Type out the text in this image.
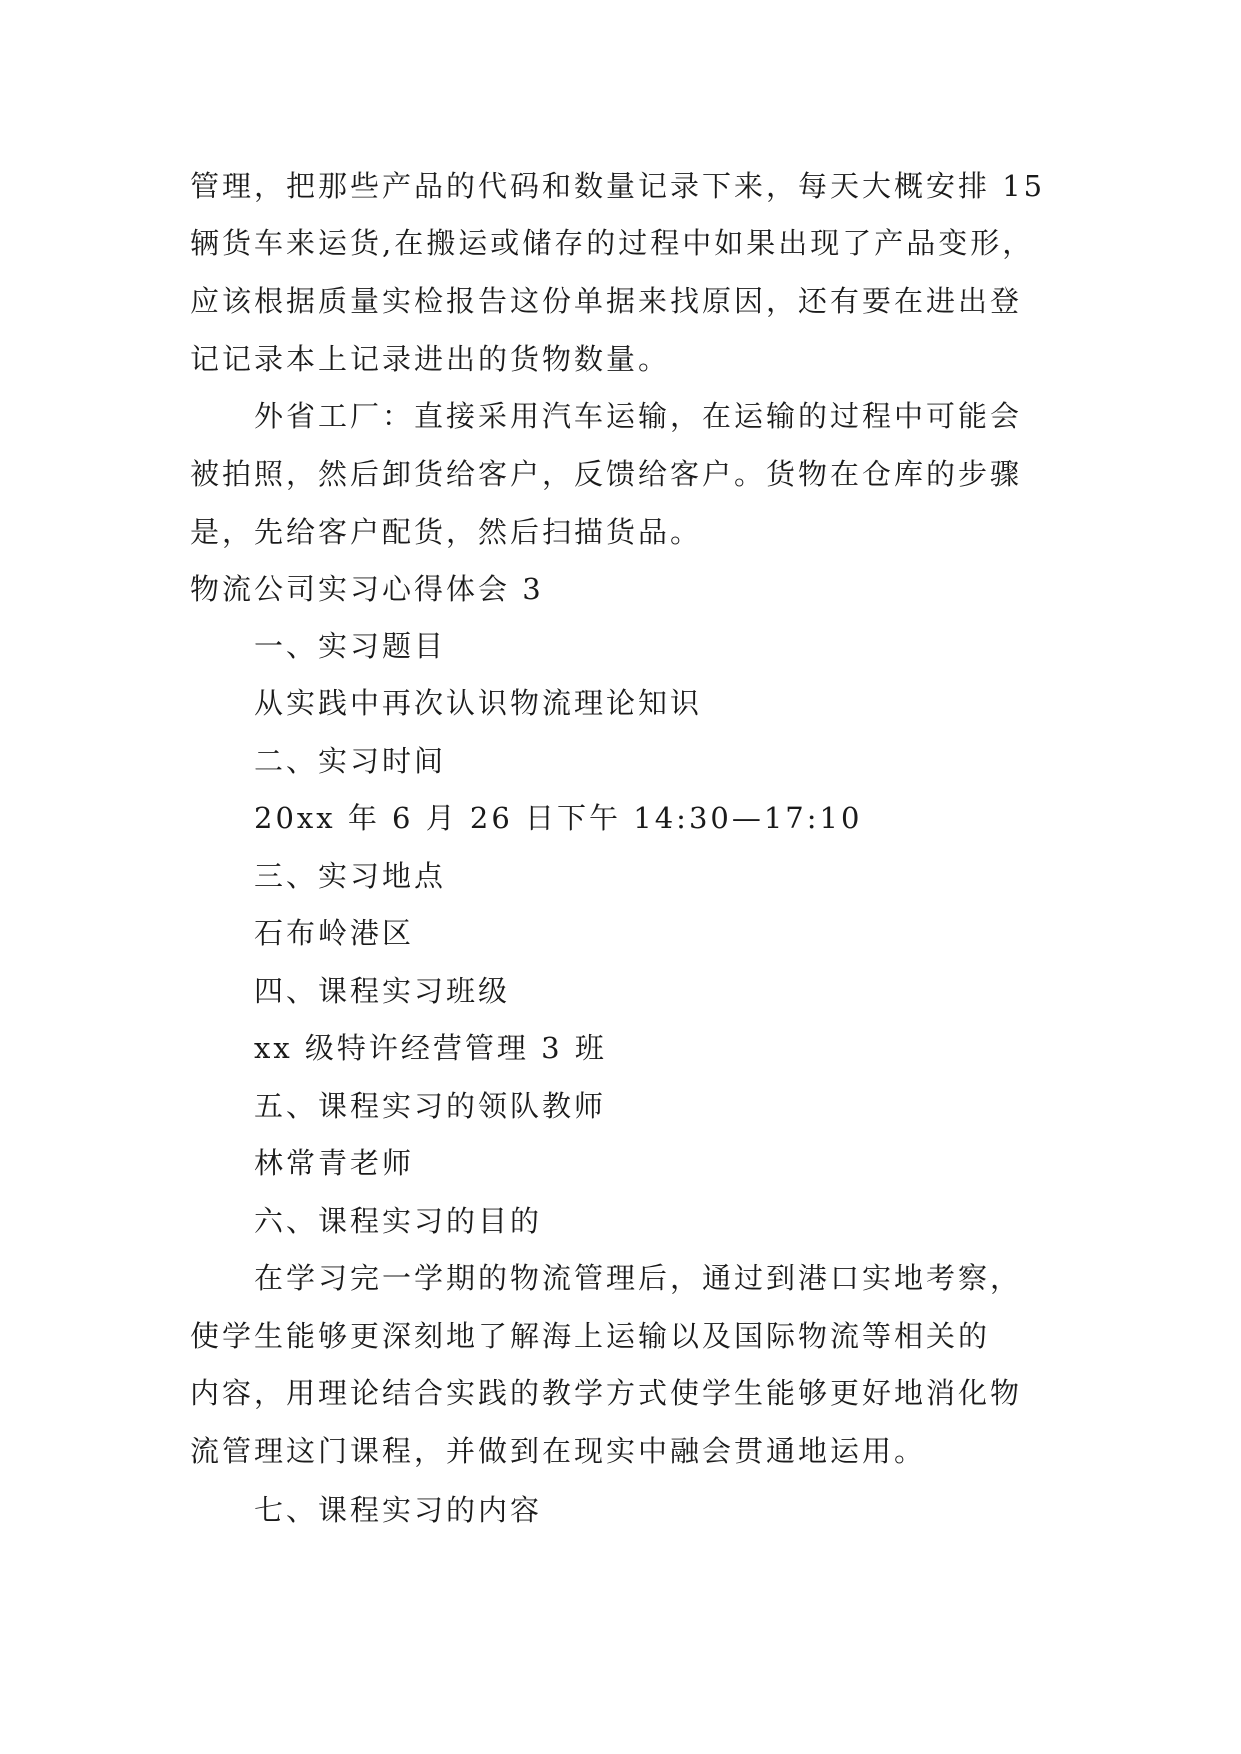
管理，把那些产品的代码和数量记录下来，每天大概安排 15
辆货车来运货,在搬运或储存的过程中如果出现了产品变形，
应该根据质量实检报告这份单据来找原因，还有要在进出登
记记录本上记录进出的货物数量。
外省工厂：直接采用汽车运输，在运输的过程中可能会
被拍照，然后卸货给客户，反馈给客户。货物在仓库的步骤
是，先给客户配货，然后扫描货品。
物流公司实习心得体会 3
一、实习题目
从实践中再次认识物流理论知识
二、实习时间
20xx 年 6 月 26 日下午 14:30—17:10
三、实习地点
石布岭港区
四、课程实习班级
xx 级特许经营管理 3 班
五、课程实习的领队教师
林常青老师
六、课程实习的目的
在学习完一学期的物流管理后，通过到港口实地考察，
使学生能够更深刻地了解海上运输以及国际物流等相关的
内容，用理论结合实践的教学方式使学生能够更好地消化物
流管理这门课程，并做到在现实中融会贯通地运用。
七、课程实习的内容
